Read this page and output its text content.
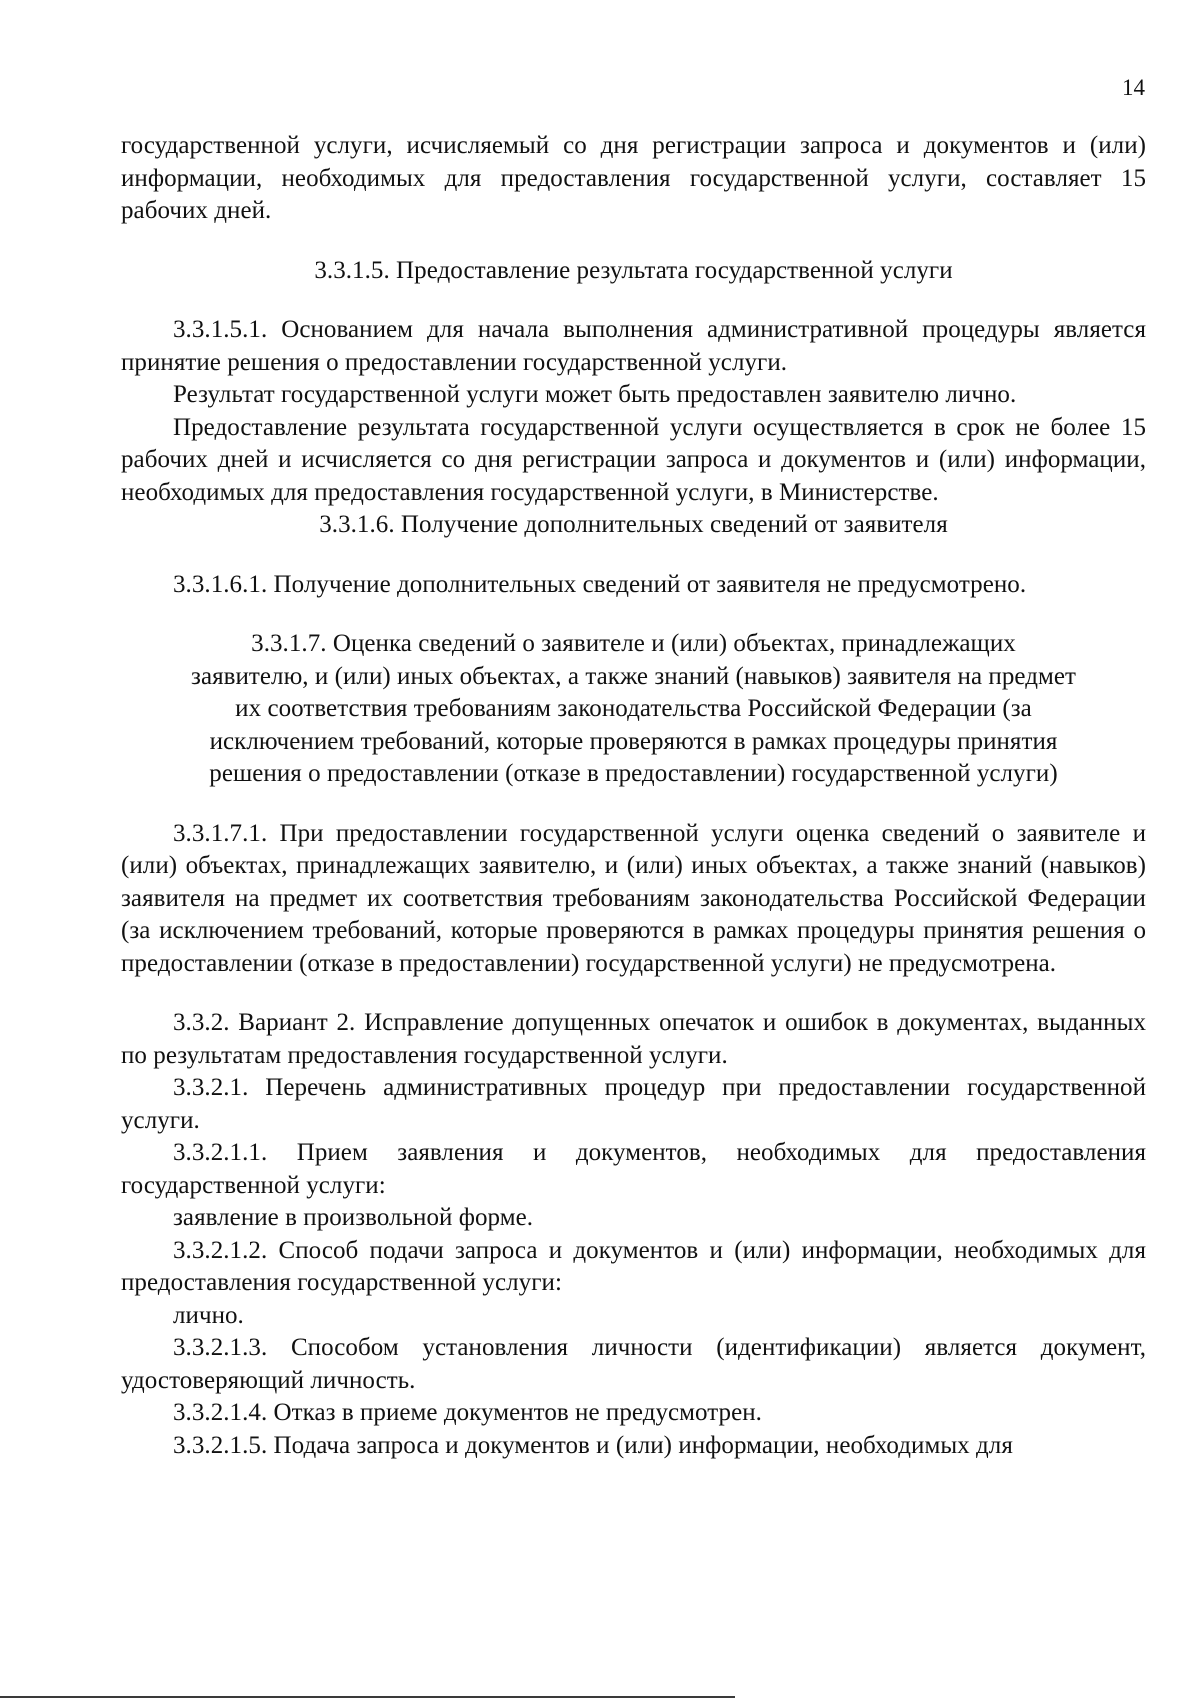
14

государственной услуги, исчисляемый со дня регистрации запроса и документов и (или) информации, необходимых для предоставления государственной услуги, составляет 15 рабочих дней.

3.3.1.5. Предоставление результата государственной услуги

3.3.1.5.1. Основанием для начала выполнения административной процедуры является принятие решения о предоставлении государственной услуги.

Результат государственной услуги может быть предоставлен заявителю лично.

Предоставление результата государственной услуги осуществляется в срок не более 15 рабочих дней и исчисляется со дня регистрации запроса и документов и (или) информации, необходимых для предоставления государственной услуги, в Министерстве.

3.3.1.6. Получение дополнительных сведений от заявителя

3.3.1.6.1. Получение дополнительных сведений от заявителя не предусмотрено.

3.3.1.7. Оценка сведений о заявителе и (или) объектах, принадлежащих
заявителю, и (или) иных объектах, а также знаний (навыков) заявителя на предмет
их соответствия требованиям законодательства Российской Федерации (за
исключением требований, которые проверяются в рамках процедуры принятия
решения о предоставлении (отказе в предоставлении) государственной услуги)

3.3.1.7.1. При предоставлении государственной услуги оценка сведений о заявителе и (или) объектах, принадлежащих заявителю, и (или) иных объектах, а также знаний (навыков) заявителя на предмет их соответствия требованиям законодательства Российской Федерации (за исключением требований, которые проверяются в рамках процедуры принятия решения о предоставлении (отказе в предоставлении) государственной услуги) не предусмотрена.

3.3.2. Вариант 2. Исправление допущенных опечаток и ошибок в документах, выданных по результатам предоставления государственной услуги.

3.3.2.1. Перечень административных процедур при предоставлении государственной услуги.

3.3.2.1.1. Прием заявления и документов, необходимых для предоставления государственной услуги:

заявление в произвольной форме.

3.3.2.1.2. Способ подачи запроса и документов и (или) информации, необходимых для предоставления государственной услуги:

лично.

3.3.2.1.3. Способом установления личности (идентификации) является документ, удостоверяющий личность.

3.3.2.1.4. Отказ в приеме документов не предусмотрен.

3.3.2.1.5. Подача запроса и документов и (или) информации, необходимых для
